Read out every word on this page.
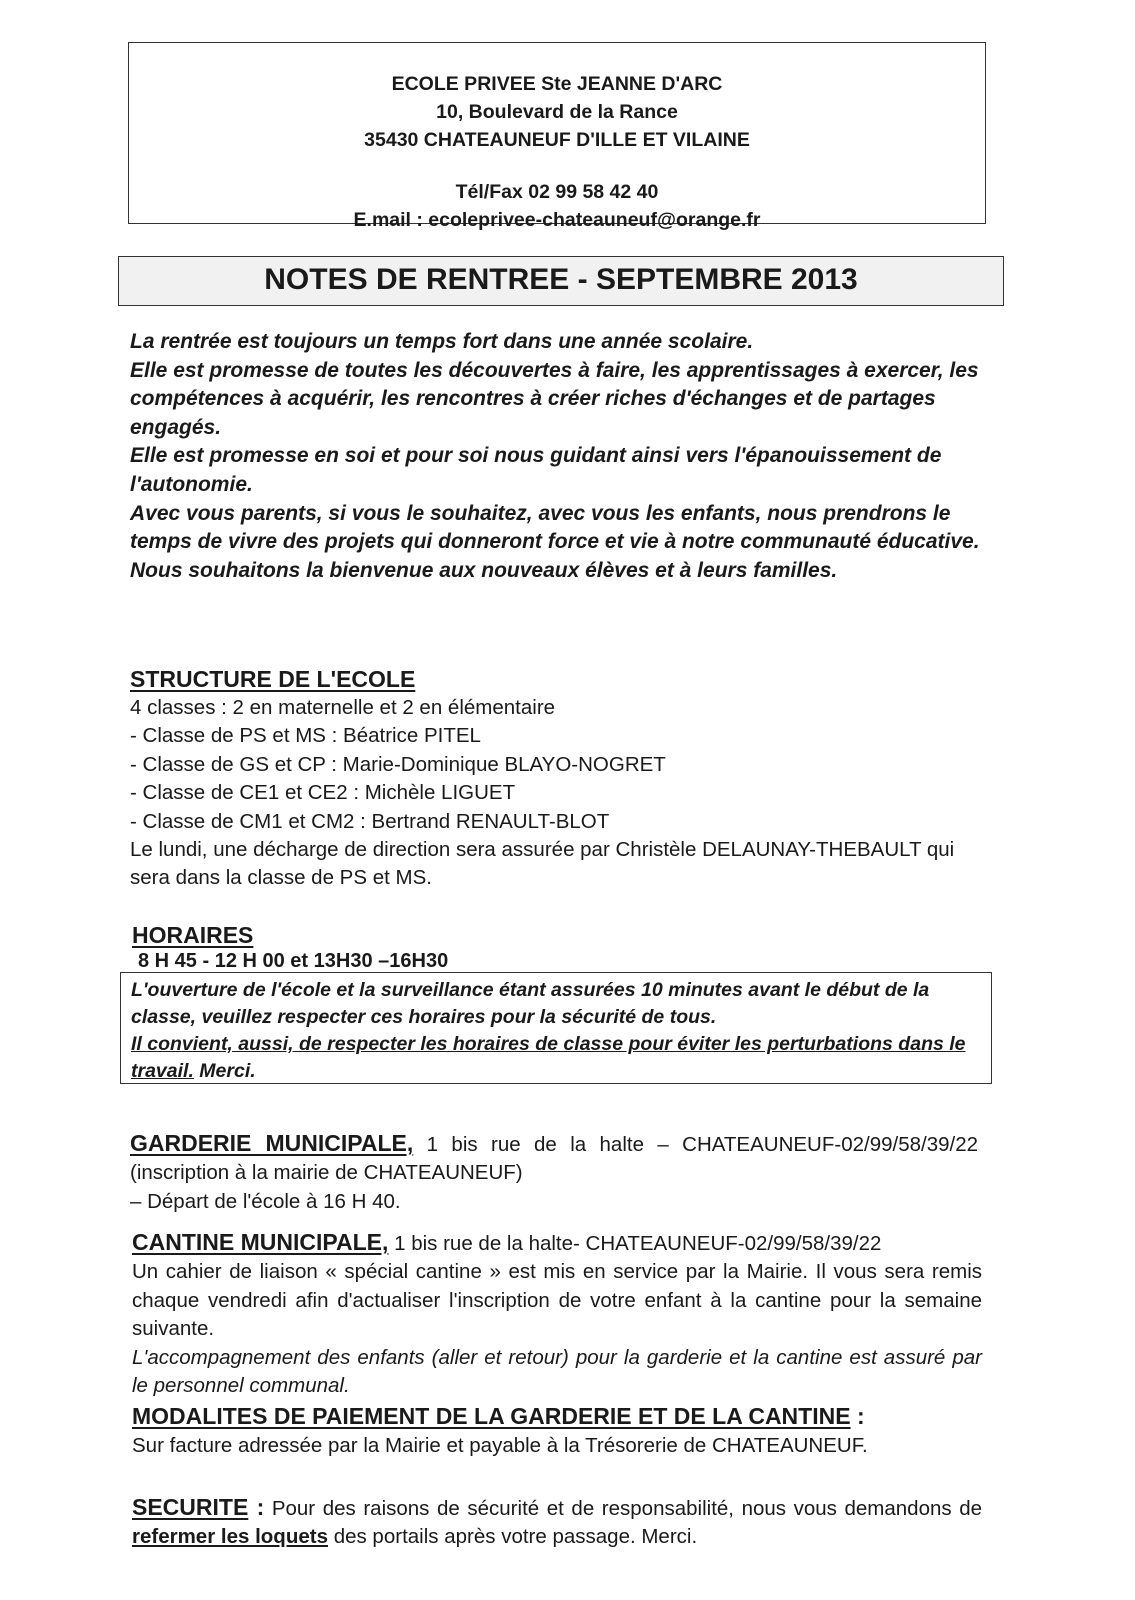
ECOLE PRIVEE Ste JEANNE D'ARC
10, Boulevard de la Rance
35430 CHATEAUNEUF D'ILLE ET VILAINE
Tél/Fax 02 99 58 42 40
E.mail : ecoleprivee-chateauneuf@orange.fr
NOTES DE RENTREE - SEPTEMBRE 2013

La rentrée est toujours un temps fort dans une année scolaire.

Elle est promesse de toutes les découvertes à faire, les apprentissages à exercer, les compétences à acquérir, les rencontres à créer riches d'échanges et de partages engagés.

Elle est promesse en soi et pour soi nous guidant ainsi vers l'épanouissement de l'autonomie.

Avec vous parents, si vous le souhaitez, avec vous les enfants, nous prendrons le temps de vivre des projets qui donneront force et vie à notre communauté éducative.

Nous souhaitons la bienvenue aux nouveaux élèves et à leurs familles.

STRUCTURE DE L'ECOLE

4 classes : 2 en maternelle et 2 en élémentaire

- Classe de PS et MS : Béatrice PITEL

- Classe de GS et CP : Marie-Dominique BLAYO-NOGRET

- Classe de CE1 et CE2 : Michèle LIGUET

- Classe de CM1 et CM2 : Bertrand RENAULT-BLOT

Le lundi, une décharge de direction sera assurée par Christèle DELAUNAY-THEBAULT qui sera dans la classe de PS et MS.

HORAIRES
8 H 45 - 12 H 00 et 13H30 –16H30
L'ouverture de l'école et la surveillance étant assurées 10 minutes avant le début de la classe, veuillez respecter ces horaires pour la sécurité de tous.
Il convient, aussi, de respecter les horaires de classe pour éviter les perturbations dans le travail. Merci.
GARDERIE MUNICIPALE, 1 bis rue de la halte – CHATEAUNEUF-02/99/58/39/22 (inscription à la mairie de CHATEAUNEUF)
– Départ de l'école à 16 H 40.

CANTINE MUNICIPALE, 1 bis rue de la halte- CHATEAUNEUF-02/99/58/39/22

Un cahier de liaison « spécial cantine » est mis en service par la Mairie. Il vous sera remis chaque vendredi afin d'actualiser l'inscription de votre enfant à la cantine pour la semaine suivante.

L'accompagnement des enfants (aller et retour) pour la garderie et la cantine est assuré par le personnel communal.

MODALITES DE PAIEMENT DE LA GARDERIE ET DE LA CANTINE :

Sur facture adressée par la Mairie et payable à la Trésorerie de CHATEAUNEUF.

SECURITE : Pour des raisons de sécurité et de responsabilité, nous vous demandons de refermer les loquets des portails après votre passage. Merci.
